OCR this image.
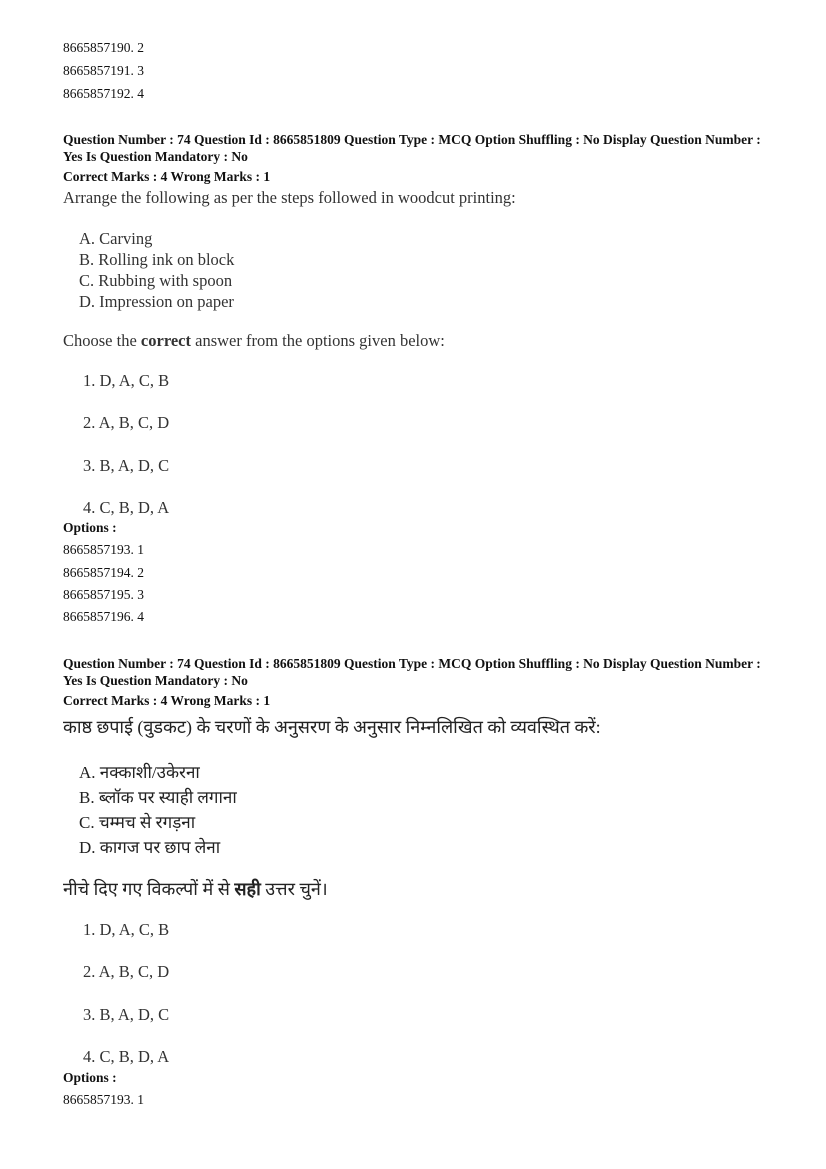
8665857190. 2
8665857191. 3
8665857192. 4
Question Number : 74 Question Id : 8665851809 Question Type : MCQ Option Shuffling : No Display Question Number : Yes Is Question Mandatory : No
Correct Marks : 4 Wrong Marks : 1
Arrange the following as per the steps followed in woodcut printing:
A. Carving
B. Rolling ink on block
C. Rubbing with spoon
D. Impression on paper
Choose the correct answer from the options given below:
1. D, A, C, B
2. A, B, C, D
3. B, A, D, C
4. C, B, D, A
Options :
8665857193. 1
8665857194. 2
8665857195. 3
8665857196. 4
Question Number : 74 Question Id : 8665851809 Question Type : MCQ Option Shuffling : No Display Question Number : Yes Is Question Mandatory : No
Correct Marks : 4 Wrong Marks : 1
काष्ठ छपाई (वुडकट) के चरणों के अनुसरण के अनुसार निम्नलिखित को व्यवस्थित करें:
A. नक्काशी/उकेरना
B. ब्लॉक पर स्याही लगाना
C. चम्मच से रगड़ना
D. कागज पर छाप लेना
नीचे दिए गए विकल्पों में से सही उत्तर चुनें।
1. D, A, C, B
2. A, B, C, D
3. B, A, D, C
4. C, B, D, A
Options :
8665857193. 1
